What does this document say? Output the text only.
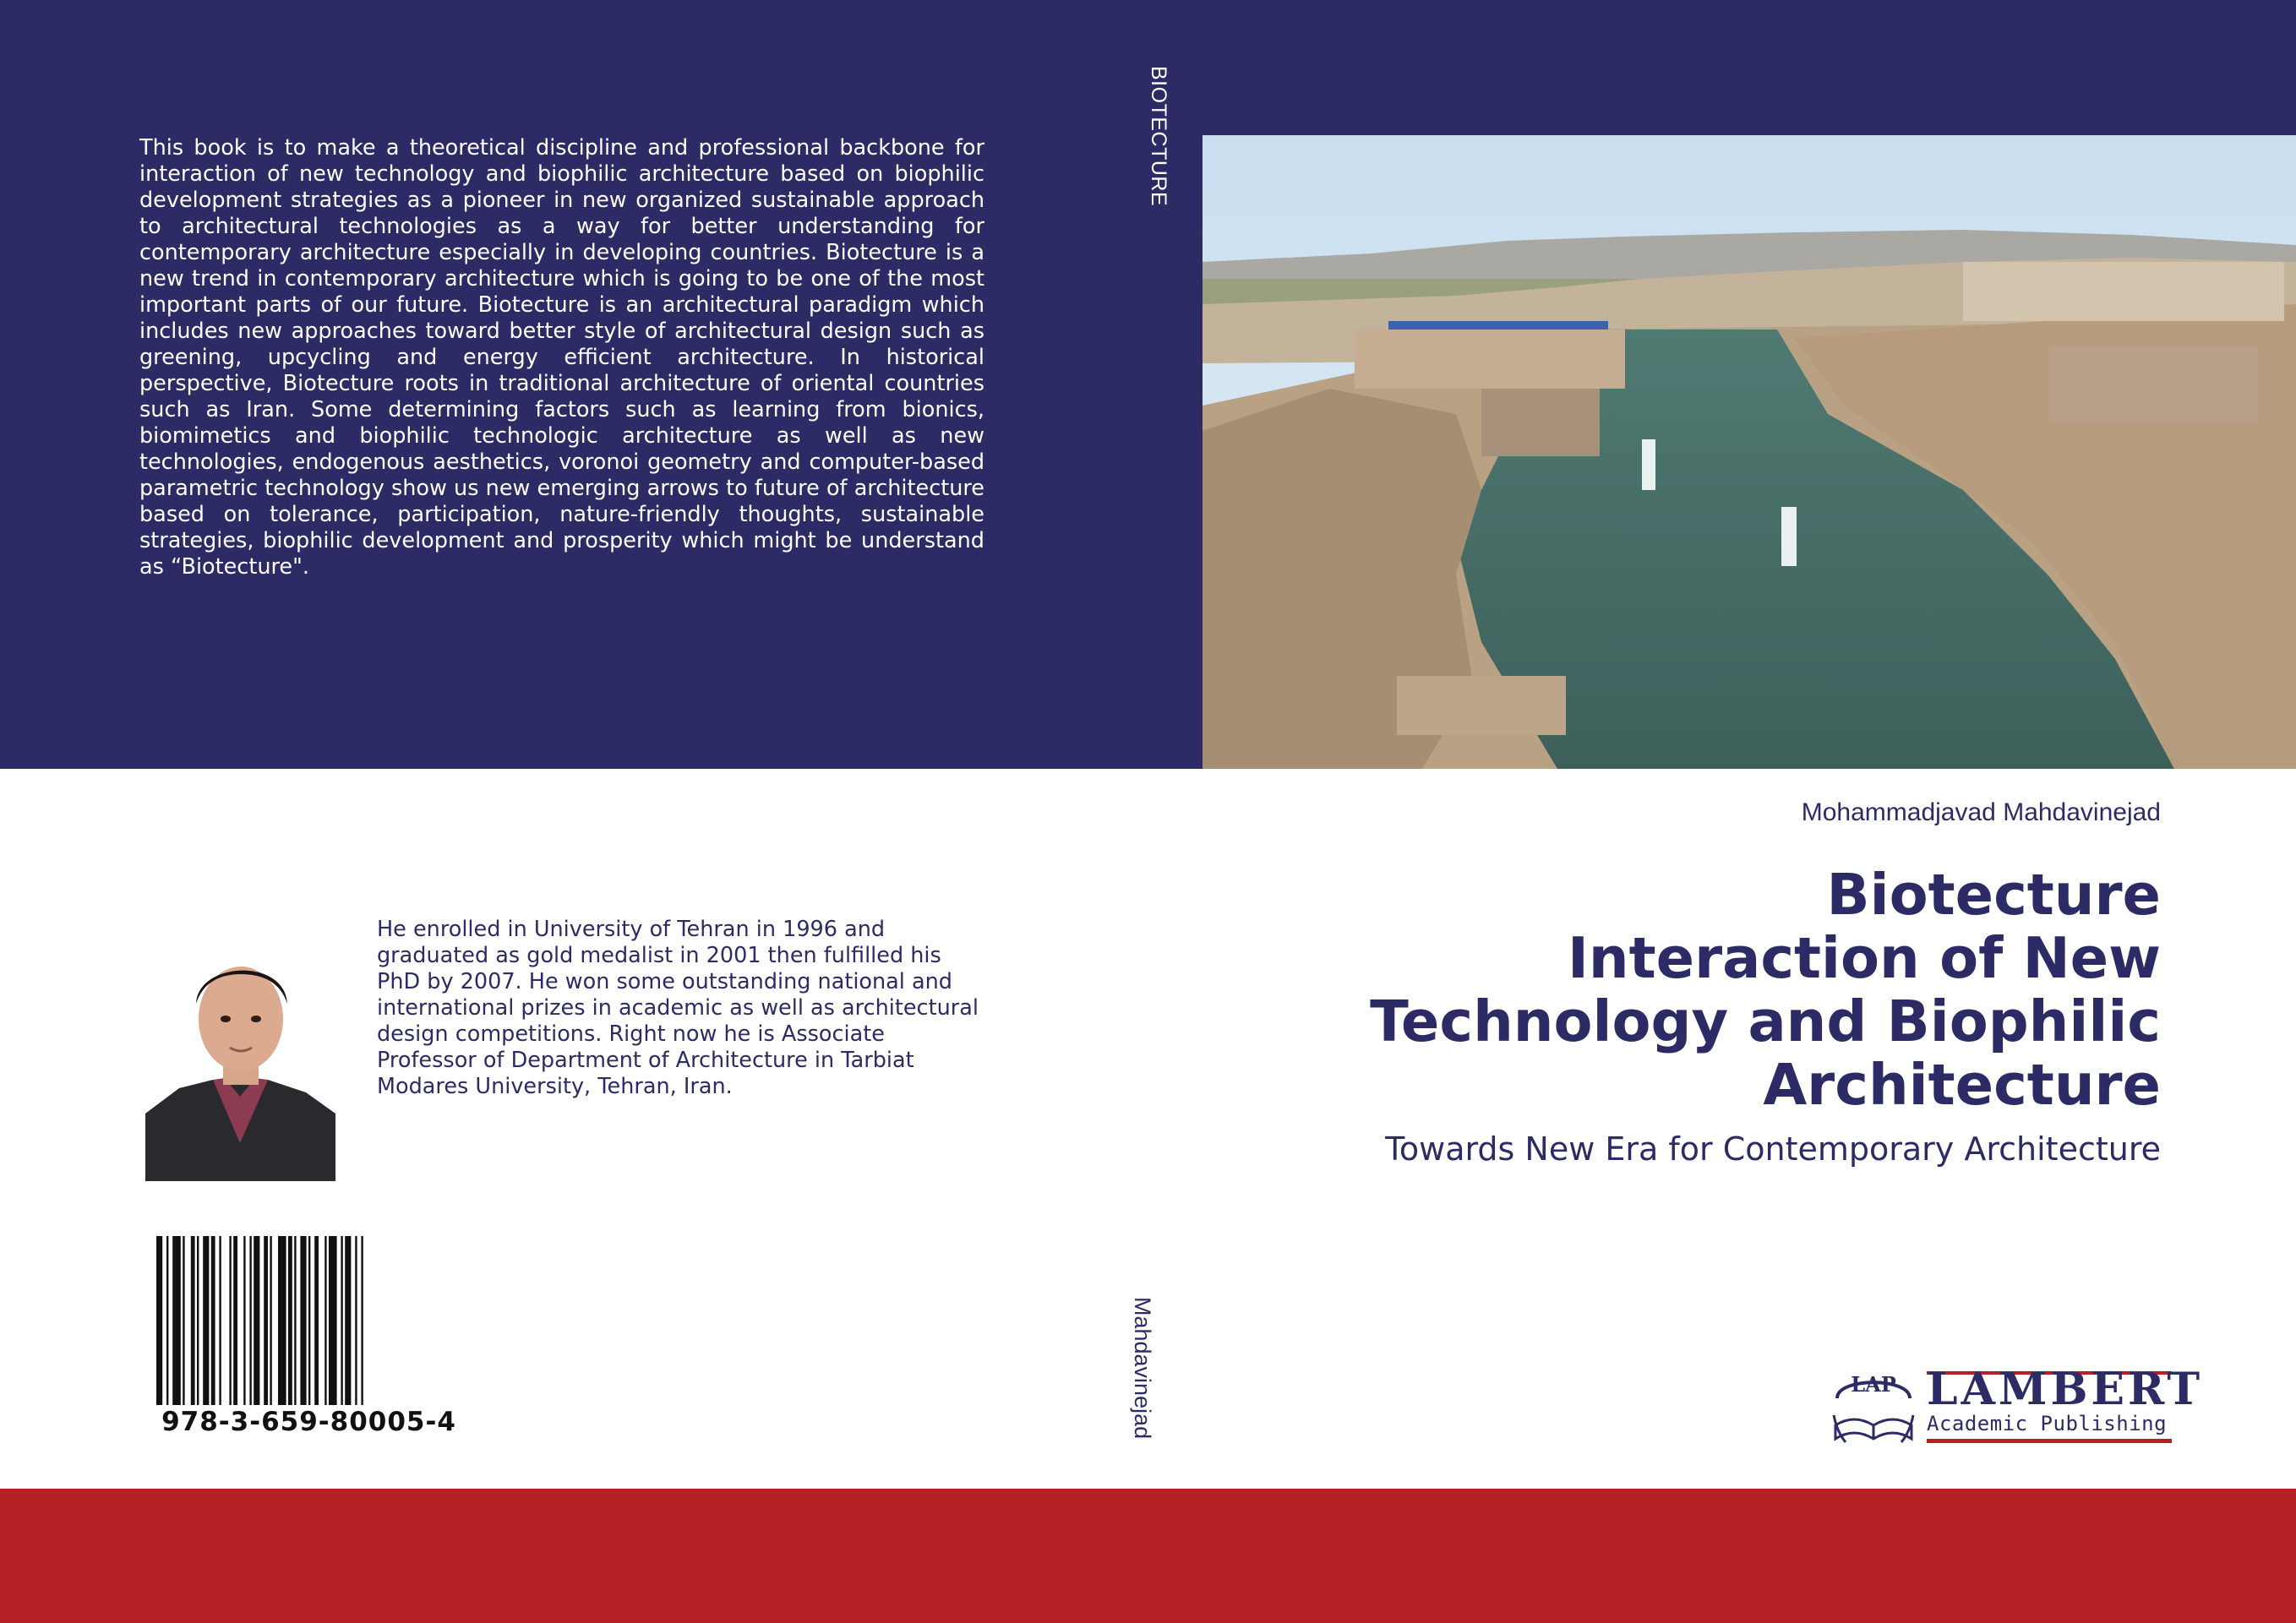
This book is to make a theoretical discipline and professional backbone for interaction of new technology and biophilic architecture based on biophilic development strategies as a pioneer in new organized sustainable approach to architectural technologies as a way for better understanding for contemporary architecture especially in developing countries. Biotecture is a new trend in contemporary architecture which is going to be one of the most important parts of our future. Biotecture is an architectural paradigm which includes new approaches toward better style of architectural design such as greening, upcycling and energy efficient architecture. In historical perspective, Biotecture roots in traditional architecture of oriental countries such as Iran. Some determining factors such as learning from bionics, biomimetics and biophilic technologic architecture as well as new technologies, endogenous aesthetics, voronoi geometry and computer-based parametric technology show us new emerging arrows to future of architecture based on tolerance, participation, nature-friendly thoughts, sustainable strategies, biophilic development and prosperity which might be understand as “Biotecture".
BIOTECTURE
Mahdavinejad
Mohammadjavad Mahdavinejad
Biotecture
Interaction of New
Technology and Biophilic
Architecture
Towards New Era for Contemporary Architecture
He enrolled in University of Tehran in 1996 and graduated as gold medalist in 2001 then fulfilled his PhD by 2007. He won some outstanding national and international prizes in academic as well as architectural design competitions. Right now he is Associate Professor of Department of Architecture in Tarbiat Modares University, Tehran, Iran.
978-3-659-80005-4
LAP LAMBERT
Academic Publishing
